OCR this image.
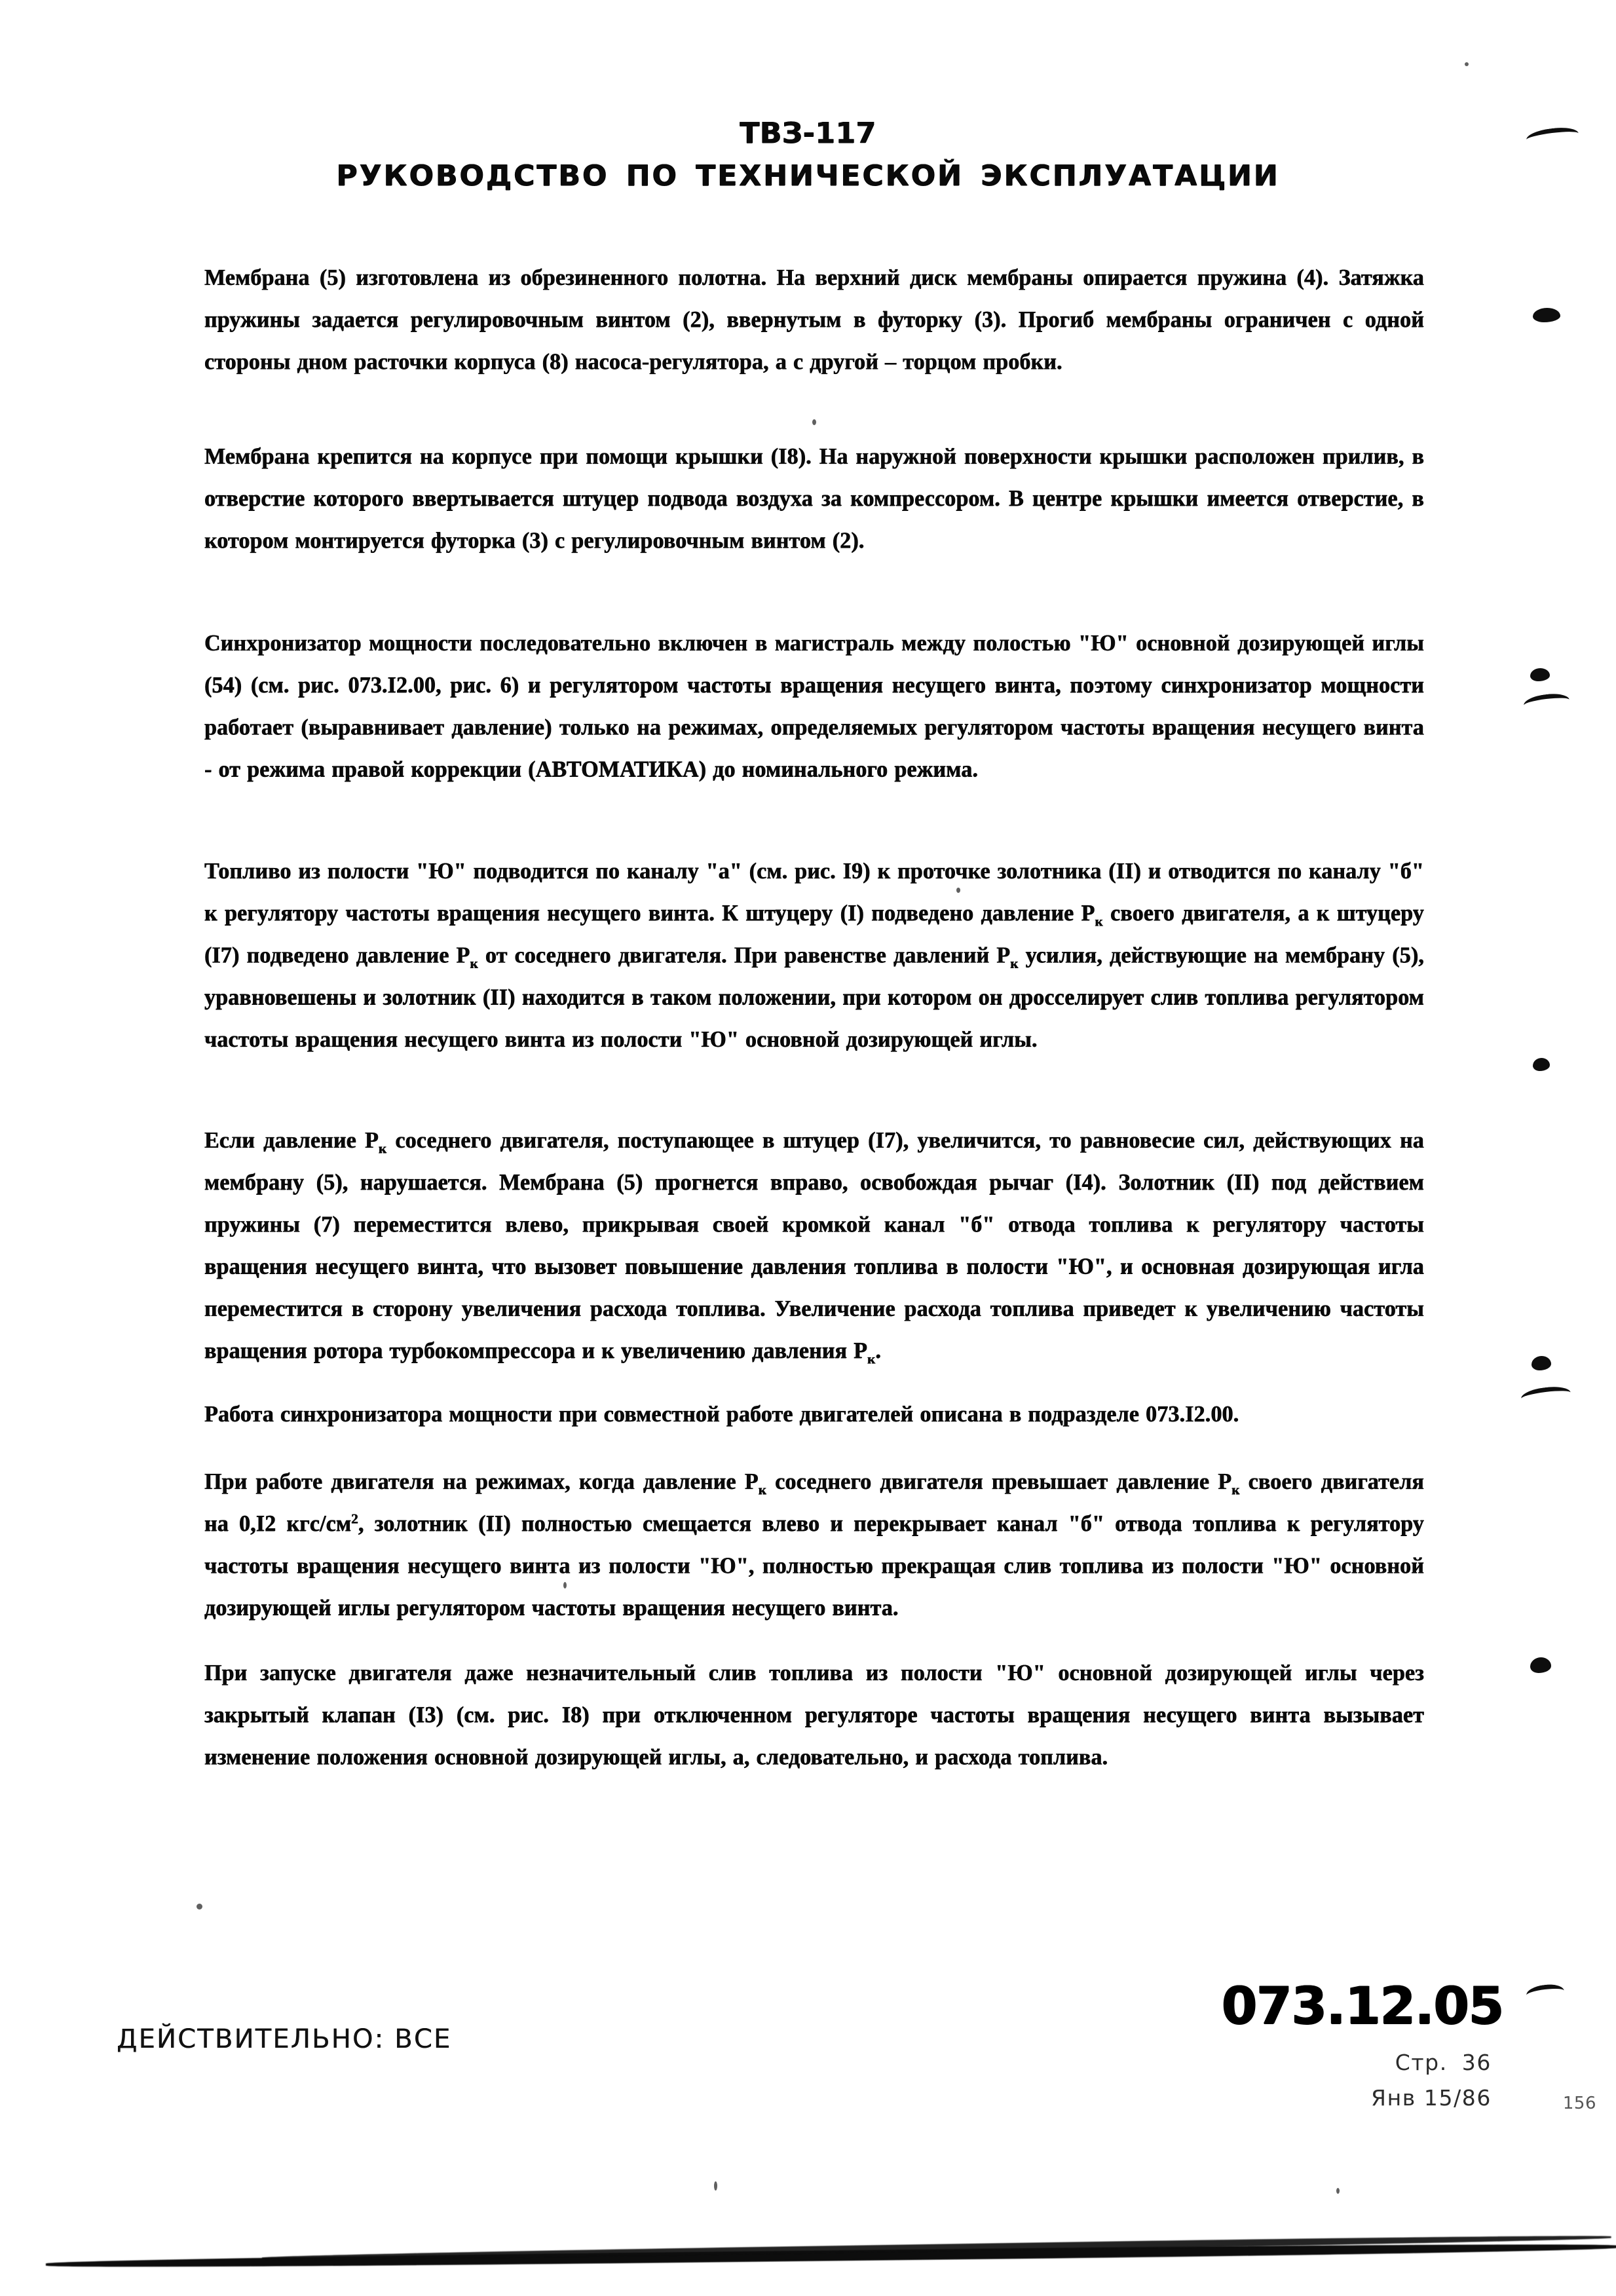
ТВЗ-117
РУКОВОДСТВО ПО ТЕХНИЧЕСКОЙ ЭКСПЛУАТАЦИИ

Мембрана (5) изготовлена из обрезиненного полотна. На верхний диск мембраны опирается пружина (4). Затяжка пружины задается регулировочным винтом (2), ввернутым в футорку (3). Прогиб мембраны ограничен с одной стороны дном расточки корпуса (8) насоса-регулятора, а с другой – торцом пробки.

Мембрана крепится на корпусе при помощи крышки (I8). На наружной поверхности крышки расположен прилив, в отверстие которого ввертывается штуцер подвода воздуха за компрессором. В центре крышки имеется отверстие, в котором монтируется футорка (3) с регулировочным винтом (2).

Синхронизатор мощности последовательно включен в магистраль между полостью "Ю" основной дозирующей иглы (54) (см. рис. 073.I2.00, рис. 6) и регулятором частоты вращения несущего винта, поэтому синхронизатор мощности работает (выравнивает давление) только на режимах, определяемых регулятором частоты вращения несущего винта - от режима правой коррекции (АВТОМАТИКА) до номинального режима.

Топливо из полости "Ю" подводится по каналу "а" (см. рис. I9) к проточке золотника (II) и отводится по каналу "б" к регулятору частоты вращения несущего винта. К штуцеру (I) подведено давление $Р_к$ своего двигателя, а к штуцеру (I7) подведено давление $Р_к$ от соседнего двигателя. При равенстве давлений $Р_к$ усилия, действующие на мембрану (5), уравновешены и золотник (II) находится в таком положении, при котором он дросселирует слив топлива регулятором частоты вращения несущего винта из полости "Ю" основной дозирующей иглы.

Если давление $Р_к$ соседнего двигателя, поступающее в штуцер (I7), увеличится, то равновесие сил, действующих на мембрану (5), нарушается. Мембрана (5) прогнется вправо, освобождая рычаг (I4). Золотник (II) под действием пружины (7) переместится влево, прикрывая своей кромкой канал "б" отвода топлива к регулятору частоты вращения несущего винта, что вызовет повышение давления топлива в полости "Ю", и основная дозирующая игла переместится в сторону увеличения расхода топлива. Увеличение расхода топлива приведет к увеличению частоты вращения ротора турбокомпрессора и к увеличению давления $Р_к$.

Работа синхронизатора мощности при совместной работе двигателей описана в подразделе 073.I2.00.

При работе двигателя на режимах, когда давление $Р_к$ соседнего двигателя превышает давление $Р_к$ своего двигателя на 0,I2 кгс/$см^2$, золотник (II) полностью смещается влево и перекрывает канал "б" отвода топлива к регулятору частоты вращения несущего винта из полости "Ю", полностью прекращая слив топлива из полости "Ю" основной дозирующей иглы регулятором частоты вращения несущего винта.

При запуске двигателя даже незначительный слив топлива из полости "Ю" основной дозирующей иглы через закрытый клапан (I3) (см. рис. I8) при отключенном регуляторе частоты вращения несущего винта вызывает изменение положения основной дозирующей иглы, а, следовательно, и расхода топлива.

ДЕЙСТВИТЕЛЬНО: ВСЕ
073.12.05
Стр. 36
Янв 15/86	156
